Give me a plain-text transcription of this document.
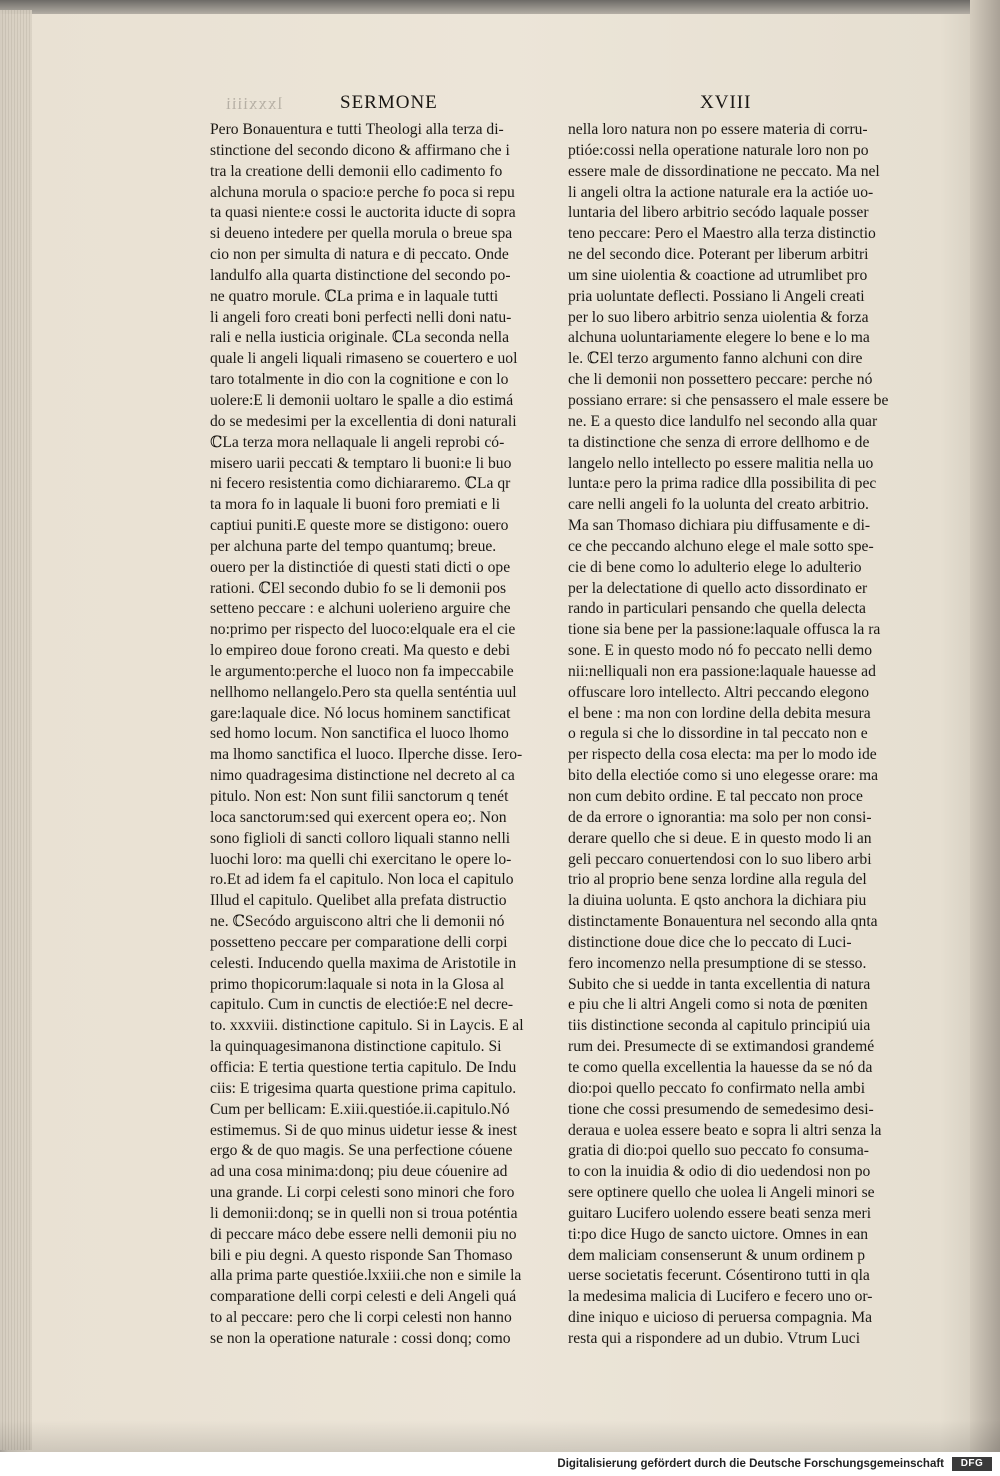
lxxxiiii	SERMONE	XVIII
Pero Bonauentura e tutti Theologi alla terza di-
stinctione del secondo dicono & affirmano che i
tra la creatione delli demonii ello cadimento fo
alchuna morula o spacio:e perche fo poca si repu
ta quasi niente:e cossi le auctorita iducte di sopra
si deueno intedere per quella morula o breue spa
cio non per simulta di natura e di peccato. Onde
landulfo alla quarta distinctione del secondo po-
ne quatro morule. ℂLa prima e in laquale tutti
li angeli foro creati boni perfecti nelli doni natu-
rali e nella iusticia originale. ℂLa seconda nella
quale li angeli liquali rimaseno se couertero e uol
taro totalmente in dio con la cognitione e con lo
uolere:E li demonii uoltaro le spalle a dio estimá
do se medesimi per la excellentia di doni naturali
ℂLa terza mora nellaquale li angeli reprobi có-
misero uarii peccati & temptaro li buoni:e li buo
ni fecero resistentia como dichiararemo. ℂLa qr
ta mora fo in laquale li buoni foro premiati e li
captiui puniti.E queste more se distigono: ouero
per alchuna parte del tempo quantumq; breue.
ouero per la distinctióe di questi stati dicti o ope
rationi. ℂEl secondo dubio fo se li demonii pos
setteno peccare : e alchuni uolerieno arguire che
no:primo per rispecto del luoco:elquale era el cie
lo empireo doue forono creati. Ma questo e debi
le argumento:perche el luoco non fa impeccabile
nellhomo nellangelo.Pero sta quella senténtia uul
gare:laquale dice. Nó locus hominem sanctificat
sed homo locum. Non sanctifica el luoco lhomo
ma lhomo sanctifica el luoco. Ilperche disse. Iero-
nimo quadragesima distinctione nel decreto al ca
pitulo. Non est: Non sunt filii sanctorum q tenét
loca sanctorum:sed qui exercent opera eo;. Non
sono figlioli di sancti colloro liquali stanno nelli
luochi loro: ma quelli chi exercitano le opere lo-
ro.Et ad idem fa el capitulo. Non loca el capitulo
Illud el capitulo. Quelibet alla prefata distructio
ne. ℂSecódo arguiscono altri che li demonii nó
possetteno peccare per comparatione delli corpi
celesti. Inducendo quella maxima de Aristotile in
primo thopicorum:laquale si nota in la Glosa al
capitulo. Cum in cunctis de electióe:E nel decre-
to. xxxviii. distinctione capitulo. Si in Laycis. E al
la quinquagesimanona distinctione capitulo. Si
officia: E tertia questione tertia capitulo. De Indu
ciis: E trigesima quarta questione prima capitulo.
Cum per bellicam: E.xiii.questióe.ii.capitulo.Nó
estimemus. Si de quo minus uidetur iesse & inest
ergo & de quo magis. Se una perfectione cóuene
ad una cosa minima:donq; piu deue cóuenire ad
una grande. Li corpi celesti sono minori che foro
li demonii:donq; se in quelli non si troua poténtia
di peccare máco debe essere nelli demonii piu no
bili e piu degni. A questo risponde San Thomaso
alla prima parte questióe.lxxiii.che non e simile la
comparatione delli corpi celesti e deli Angeli quá
to al peccare: pero che li corpi celesti non hanno
se non la operatione naturale : cossi donq; como
nella loro natura non po essere materia di corru-
ptióe:cossi nella operatione naturale loro non po
essere male de dissordinatione ne peccato. Ma nel
li angeli oltra la actione naturale era la actióe uo-
luntaria del libero arbitrio secódo laquale posser
teno peccare: Pero el Maestro alla terza distinctio
ne del secondo dice. Poterant per liberum arbitri
um sine uiolentia & coactione ad utrumlibet pro
pria uoluntate deflecti. Possiano li Angeli creati
per lo suo libero arbitrio senza uiolentia & forza
alchuna uoluntariamente elegere lo bene e lo ma
le. ℂEl terzo argumento fanno alchuni con dire
che li demonii non possettero peccare: perche nó
possiano errare: si che pensassero el male essere be
ne. E a questo dice landulfo nel secondo alla quar
ta distinctione che senza di errore dellhomo e de
langelo nello intellecto po essere malitia nella uo
lunta:e pero la prima radice dlla possibilita di pec
care nelli angeli fo la uolunta del creato arbitrio.
Ma san Thomaso dichiara piu diffusamente e di-
ce che peccando alchuno elege el male sotto spe-
cie di bene como lo adulterio elege lo adulterio
per la delectatione di quello acto dissordinato er
rando in particulari pensando che quella delecta
tione sia bene per la passione:laquale offusca la ra
sone. E in questo modo nó fo peccato nelli demo
nii:nelliquali non era passione:laquale hauesse ad
offuscare loro intellecto. Altri peccando elegono
el bene : ma non con lordine della debita mesura
o regula si che lo dissordine in tal peccato non e
per rispecto della cosa electa: ma per lo modo ide
bito della electióe como si uno elegesse orare: ma
non cum debito ordine. E tal peccato non proce
de da errore o ignorantia: ma solo per non consi-
derare quello che si deue. E in questo modo li an
geli peccaro conuertendosi con lo suo libero arbi
trio al proprio bene senza lordine alla regula del
la diuina uolunta. E qsto anchora la dichiara piu
distinctamente Bonauentura nel secondo alla qnta
distinctione doue dice che lo peccato di Luci-
fero incomenzo nella presumptione di se stesso.
Subito che si uedde in tanta excellentia di natura
e piu che li altri Angeli como si nota de pœniten
tiis distinctione seconda al capitulo principiú uia
rum dei. Presumecte di se extimandosi grandemé
te como quella excellentia la hauesse da se nó da
dio:poi quello peccato fo confirmato nella ambi
tione che cossi presumendo de semedesimo desi-
deraua e uolea essere beato e sopra li altri senza la
gratia di dio:poi quello suo peccato fo consuma-
to con la inuidia & odio di dio uedendosi non po
sere optinere quello che uolea li Angeli minori se
guitaro Lucifero uolendo essere beati senza meri
ti:po dice Hugo de sancto uictore. Omnes in ean
dem maliciam consenserunt & unum ordinem p
uerse societatis fecerunt. Cósentirono tutti in qla
la medesima malicia di Lucifero e fecero uno or-
dine iniquo e uicioso di peruersa compagnia. Ma
resta qui a rispondere ad un dubio. Vtrum Luci
Digitalisierung gefördert durch die Deutsche Forschungsgemeinschaft	DFG
